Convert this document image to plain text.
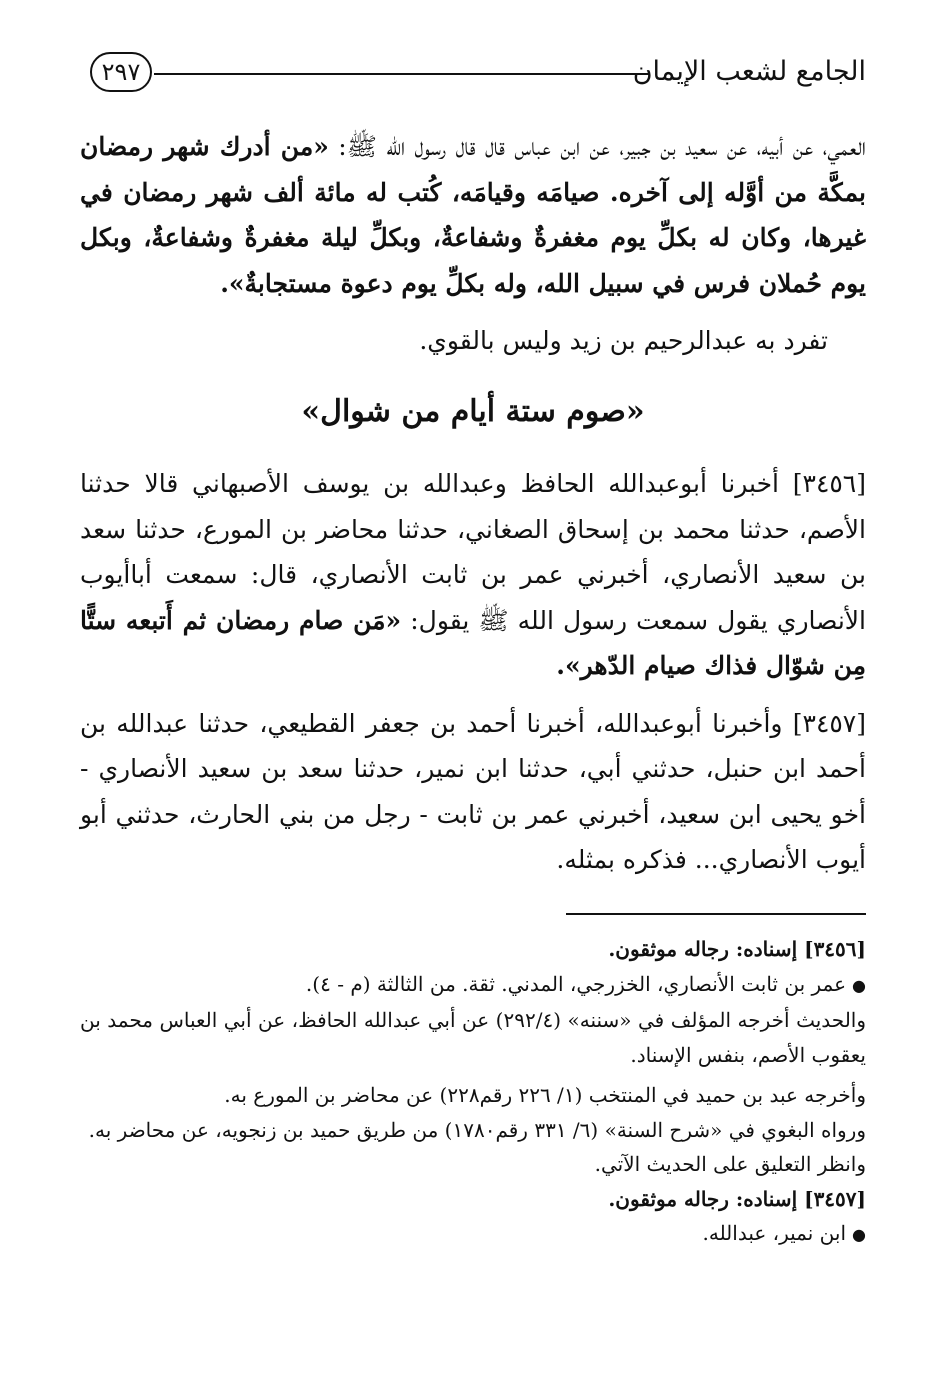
الجامع لشعب الإيمان
٢٩٧

العمي، عن أبيه، عن سعيد بن جبير، عن ابن عباس قال قال رسول الله ﷺ: «من أدرك شهر رمضان بمكَّة من أوَّله إلى آخره. صيامَه وقيامَه، كُتب له مائة ألف شهر رمضان في غيرها، وكان له بكلِّ يوم مغفرةٌ وشفاعةٌ، وبكلِّ ليلة مغفرةٌ وشفاعةٌ، وبكل يوم حُملان فرس في سبيل الله، وله بكلِّ يوم دعوة مستجابةٌ».

تفرد به عبدالرحيم بن زيد وليس بالقوي.

«صوم ستة أيام من شوال»

[٣٤٥٦] أخبرنا أبوعبدالله الحافظ وعبدالله بن يوسف الأصبهاني قالا حدثنا الأصم، حدثنا محمد بن إسحاق الصغاني، حدثنا محاضر بن المورع، حدثنا سعد بن سعيد الأنصاري، أخبرني عمر بن ثابت الأنصاري، قال: سمعت أباأيوب الأنصاري يقول سمعت رسول الله ﷺ يقول: «مَن صام رمضان ثم أَتبعه ستًّا مِن شوّال فذاك صيام الدّهر».

[٣٤٥٧] وأخبرنا أبوعبدالله، أخبرنا أحمد بن جعفر القطيعي، حدثنا عبدالله بن أحمد ابن حنبل، حدثني أبي، حدثنا ابن نمير، حدثنا سعد بن سعيد الأنصاري - أخو يحيى ابن سعيد، أخبرني عمر بن ثابت - رجل من بني الحارث، حدثني أبو أيوب الأنصاري... فذكره بمثله.

[٣٤٥٦] إسناده: رجاله موثقون.

●عمر بن ثابت الأنصاري، الخزرجي، المدني. ثقة. من الثالثة (م - ٤).

والحديث أخرجه المؤلف في «سننه» (٢٩٢/٤) عن أبي عبدالله الحافظ، عن أبي العباس محمد بن يعقوب الأصم، بنفس الإسناد.

وأخرجه عبد بن حميد في المنتخب (١/ ٢٢٦ رقم٢٢٨) عن محاضر بن المورع به.

ورواه البغوي في «شرح السنة» (٦/ ٣٣١ رقم١٧٨٠) من طريق حميد بن زنجويه، عن محاضر به.

وانظر التعليق على الحديث الآتي.

[٣٤٥٧] إسناده: رجاله موثقون.

●ابن نمير، عبدالله.
